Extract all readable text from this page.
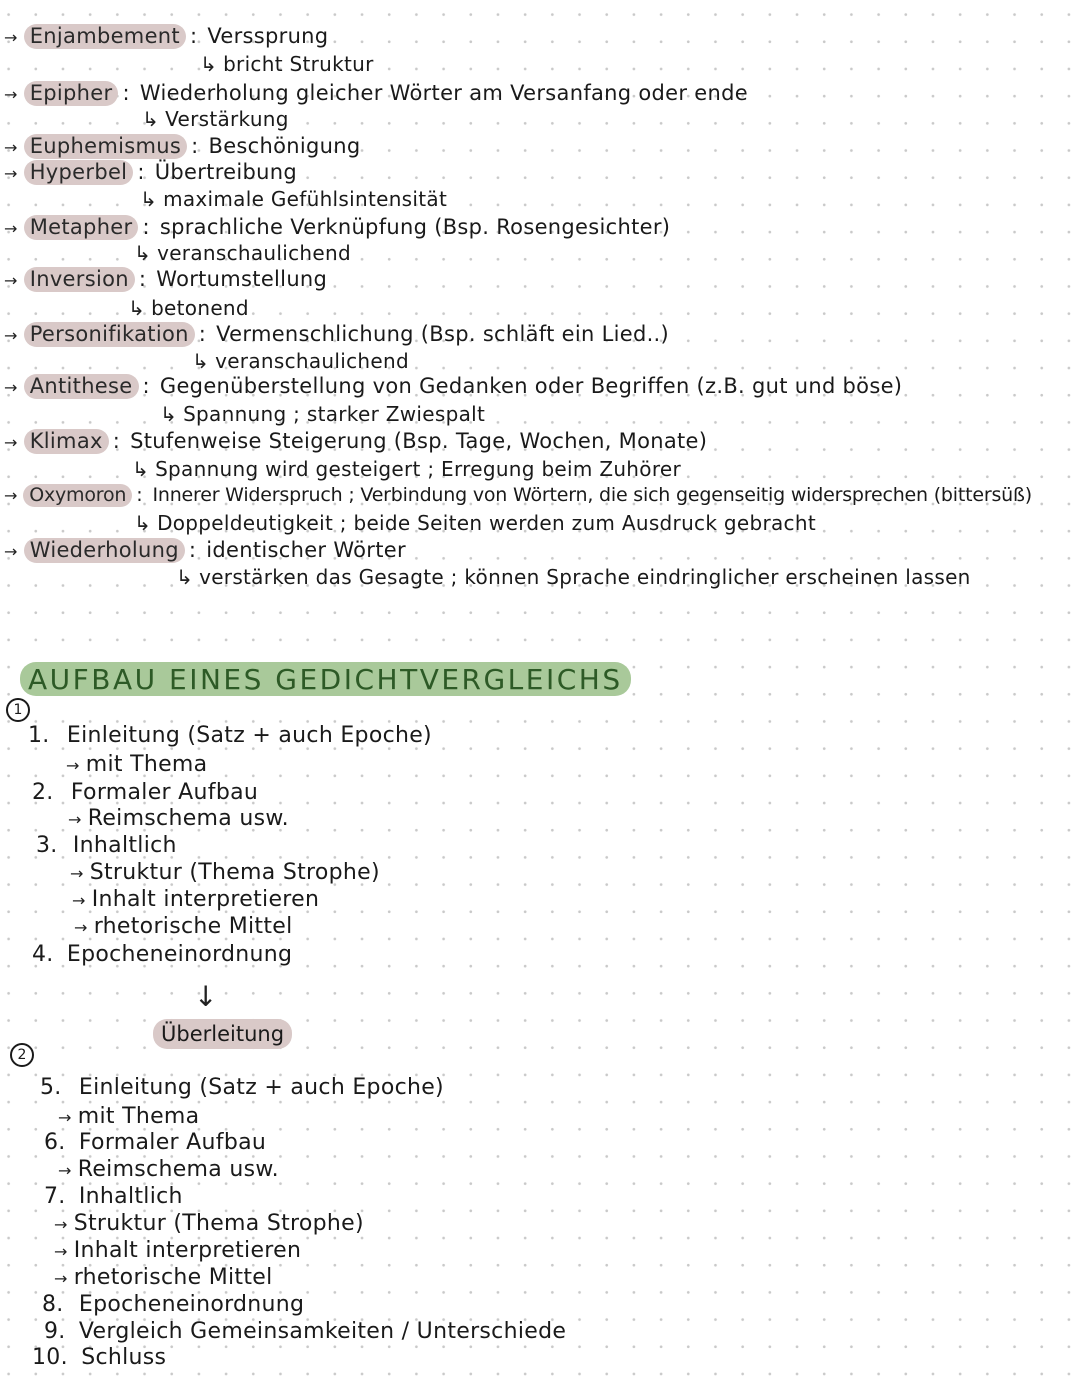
→ Enjambement : Verssprung
↳ bricht Struktur
→ Epipher : Wiederholung gleicher Wörter am Versanfang oder ende
↳ Verstärkung
→ Euphemismus : Beschönigung
→ Hyperbel : Übertreibung
↳ maximale Gefühlsintensität
→ Metapher : sprachliche Verknüpfung (Bsp. Rosengesichter)
↳ veranschaulichend
→ Inversion : Wortumstellung
↳ betonend
→ Personifikation : Vermenschlichung (Bsp. schläft ein Lied..)
↳ veranschaulichend
→ Antithese : Gegenüberstellung von Gedanken oder Begriffen (z.B. gut und böse)
↳ Spannung ; starker Zwiespalt
→ Klimax : Stufenweise Steigerung (Bsp. Tage, Wochen, Monate)
↳ Spannung wird gesteigert ; Erregung beim Zuhörer
→ Oxymoron : Innerer Widerspruch ; Verbindung von Wörtern, die sich gegenseitig widersprechen (bittersüß)
↳ Doppeldeutigkeit ; beide Seiten werden zum Ausdruck gebracht
→ Wiederholung : identischer Wörter
↳ verstärken das Gesagte ; können Sprache eindringlicher erscheinen lassen
AUFBAU EINES GEDICHTVERGLEICHS
1
1. Einleitung (Satz + auch Epoche)
→ mit Thema
2. Formaler Aufbau
→ Reimschema usw.
3. Inhaltlich
→ Struktur (Thema Strophe)
→ Inhalt interpretieren
→ rhetorische Mittel
4. Epocheneinordnung
↓
Überleitung
2
5. Einleitung (Satz + auch Epoche)
→ mit Thema
6. Formaler Aufbau
→ Reimschema usw.
7. Inhaltlich
→ Struktur (Thema Strophe)
→ Inhalt interpretieren
→ rhetorische Mittel
8. Epocheneinordnung
9. Vergleich Gemeinsamkeiten / Unterschiede
10. Schluss
